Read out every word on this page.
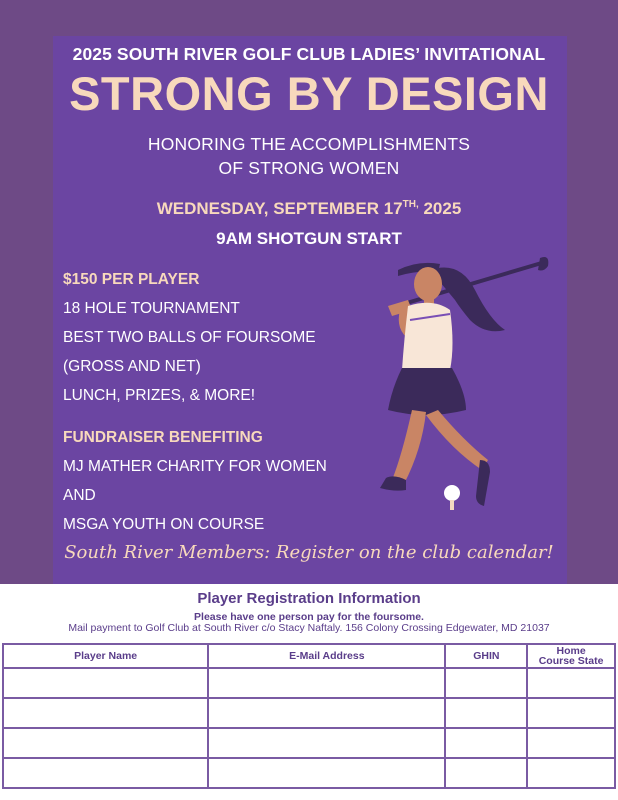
2025 SOUTH RIVER GOLF CLUB LADIES’ INVITATIONAL
STRONG BY DESIGN
HONORING THE ACCOMPLISHMENTS
OF STRONG WOMEN
WEDNESDAY, SEPTEMBER $17^{TH,}$ 2025
9AM SHOTGUN START
$150 PER PLAYER
18 HOLE TOURNAMENT
BEST TWO BALLS OF FOURSOME
(GROSS AND NET)
LUNCH, PRIZES, & MORE!
FUNDRAISER BENEFITING
MJ MATHER CHARITY FOR WOMEN
AND
MSGA YOUTH ON COURSE
South River Members: Register on the club calendar!
Player Registration Information
Please have one person pay for the foursome.
Mail payment to Golf Club at South River c/o Stacy Naftaly. 156 Colony Crossing Edgewater, MD 21037
Player Name	E-Mail Address	GHIN	Home
Course State
